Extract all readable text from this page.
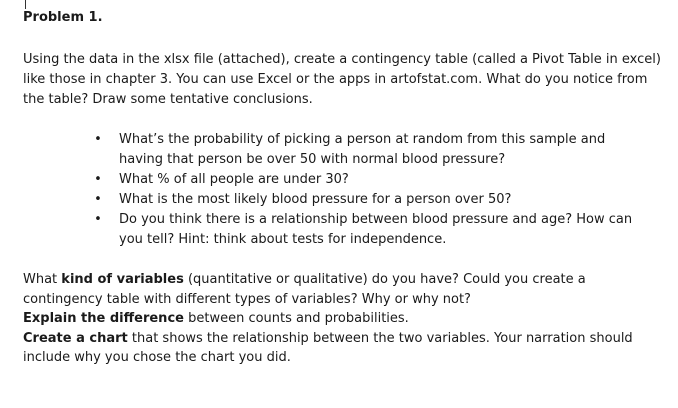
Problem 1.

Using the data in the xlsx file (attached), create a contingency table (called a Pivot Table in excel) like those in chapter 3. You can use Excel or the apps in artofstat.com. What do you notice from the table? Draw some tentative conclusions.

• What’s the probability of picking a person at random from this sample and having that person be over 50 with normal blood pressure?
• What % of all people are under 30?
• What is the most likely blood pressure for a person over 50?
• Do you think there is a relationship between blood pressure and age? How can you tell? Hint: think about tests for independence.

What kind of variables (quantitative or qualitative) do you have? Could you create a contingency table with different types of variables? Why or why not?

Explain the difference between counts and probabilities.

Create a chart that shows the relationship between the two variables. Your narration should include why you chose the chart you did.
